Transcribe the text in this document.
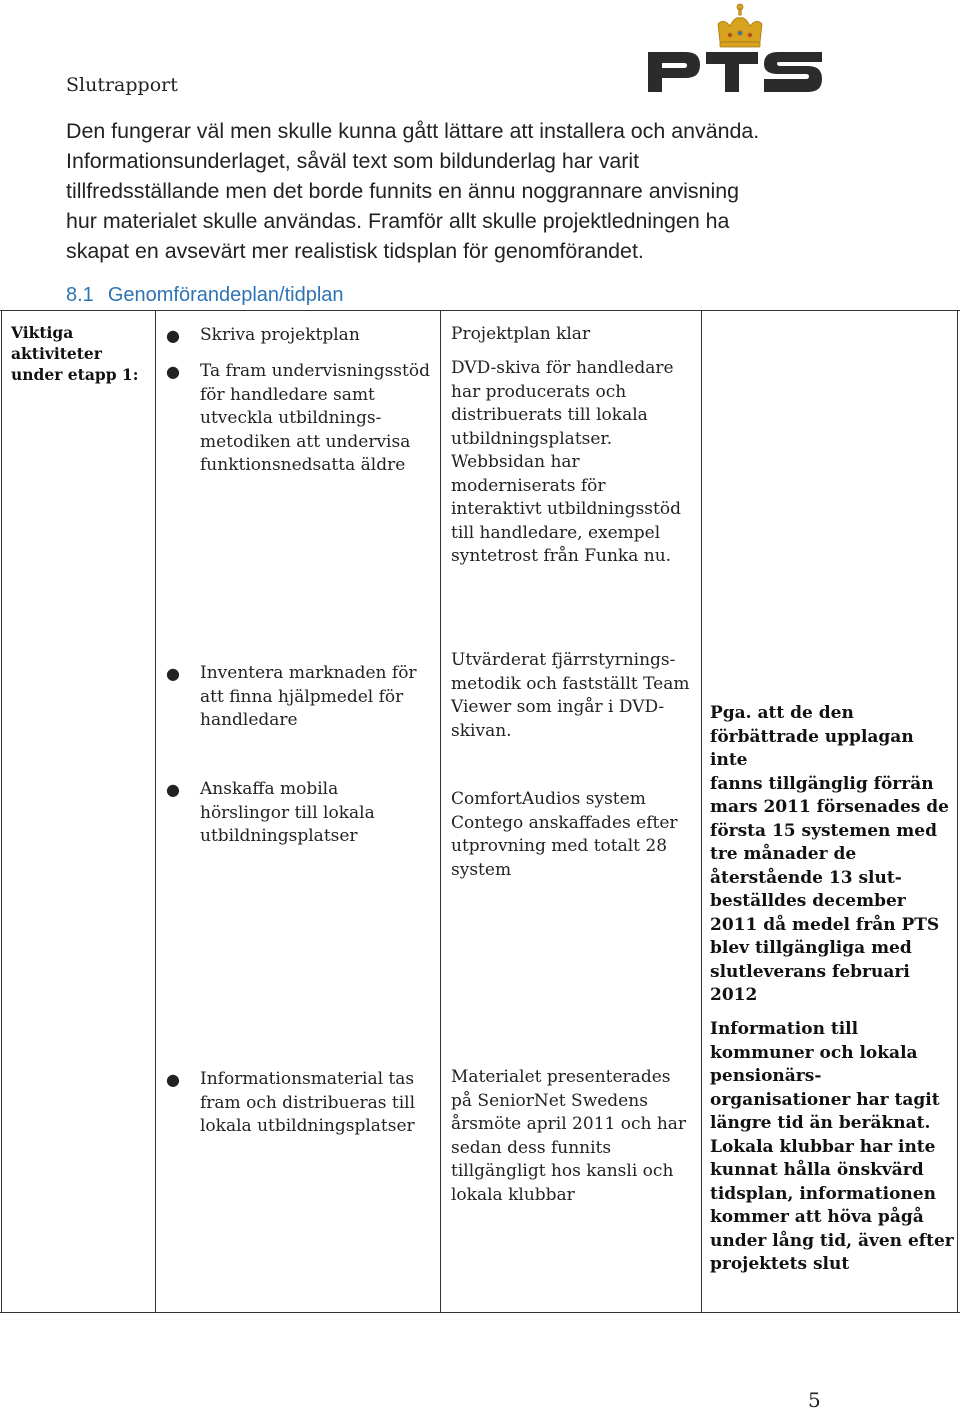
Slutrapport

Den fungerar väl men skulle kunna gått lättare att installera och använda.

Informationsunderlaget, såväl text som bildunderlag har varit

tillfredsställande men det borde funnits en ännu noggrannare anvisning

hur materialet skulle användas. Framför allt skulle projektledningen ha

skapat en avsevärt mer realistisk tidsplan för genomförandet.

8.1 Genomförandeplan/tidplan
Viktiga
aktiviteter
under etapp 1:
● Skriva projektplan
● Ta fram undervisningsstöd
för handledare samt
utveckla utbildnings-
metodiken att undervisa
funktionsnedsatta äldre

Projektplan klar

DVD-skiva för handledare

har producerats och

distribuerats till lokala

utbildningsplatser.

Webbsidan har

moderniserats för

interaktivt utbildningsstöd

till handledare, exempel

syntetrost från Funka nu.

● Inventera marknaden för
att finna hjälpmedel för
handledare
● Anskaffa mobila
hörslingor till lokala
utbildningsplatser

Utvärderat fjärrstyrnings-

metodik och fastställt Team

Viewer som ingår i DVD-

skivan.

ComfortAudios system

Contego anskaffades efter

utprovning med totalt 28

system

Pga. att de den

förbättrade upplagan inte

fanns tillgänglig förrän

mars 2011 försenades de

första 15 systemen med

tre månader de

återstående 13 slut-

beställdes december

2011 då medel från PTS

blev tillgängliga med

slutleverans februari

2012

● Informationsmaterial tas
fram och distribueras till
lokala utbildningsplatser

Materialet presenterades

på SeniorNet Swedens

årsmöte april 2011 och har

sedan dess funnits

tillgängligt hos kansli och

lokala klubbar

Information till

kommuner och lokala

pensionärs-

organisationer har tagit

längre tid än beräknat.

Lokala klubbar har inte

kunnat hålla önskvärd

tidsplan, informationen

kommer att höva pågå

under lång tid, även efter

projektets slut

5
